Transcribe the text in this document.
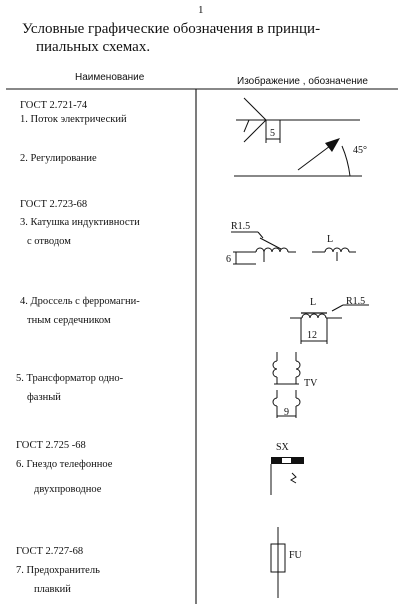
1
Условные графические обозначения в принци-
пиальных схемах.
Наименование	Изображение , обозначение
ГОСТ 2.721-74
1. Поток электрический
2. Регулирование
ГОСТ 2.723-68
3. Катушка индуктивности
с отводом
4. Дроссель с ферромагни-
тным сердечником
5. Трансформатор одно-
фазный
ГОСТ 2.725 -68
6. Гнездо телефонное
двухпроводное
ГОСТ 2.727-68
7. Предохранитель
плавкий
5
45°
R1.5
6
L
L	R1.5
12
TV
9
SX
FU
